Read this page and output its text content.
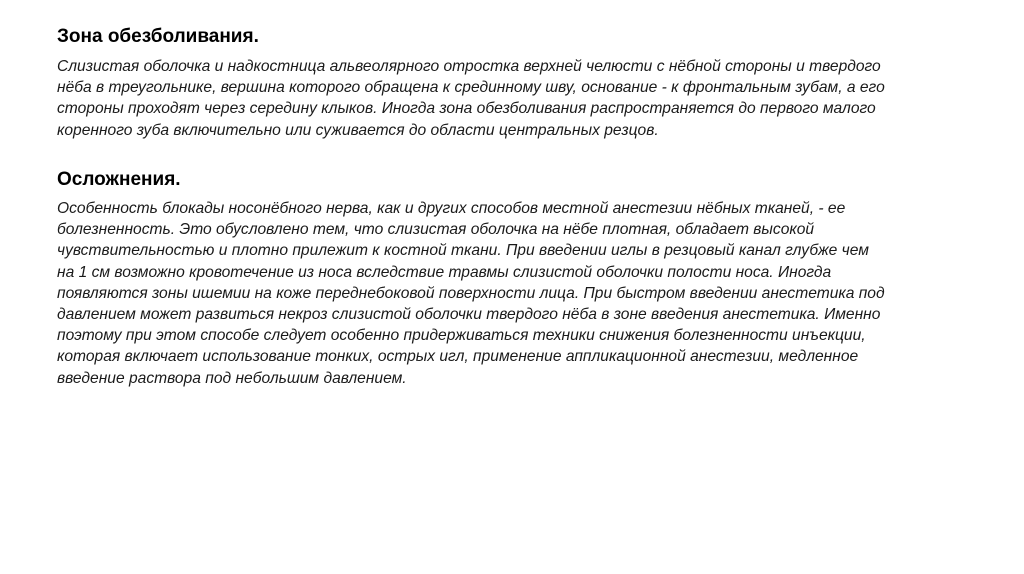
Зона обезболивания.

Слизистая оболочка и надкостница альвеолярного отростка верхней челюсти с нёбной стороны и твердого
нёба в треугольнике, вершина которого обращена к срединному шву, основание - к фронтальным зубам, а его
стороны проходят через середину клыков. Иногда зона обезболивания распространяется до первого малого
коренного зуба включительно или суживается до области центральных резцов.

Осложнения.

Особенность блокады носонёбного нерва, как и других способов местной анестезии нёбных тканей, - ее
болезненность. Это обусловлено тем, что слизистая оболочка на нёбе плотная, обладает высокой
чувствительностью и плотно прилежит к костной ткани. При введении иглы в резцовый канал глубже чем
на 1 см возможно кровотечение из носа вследствие травмы слизистой оболочки полости носа. Иногда
появляются зоны ишемии на коже переднебоковой поверхности лица. При быстром введении анестетика под
давлением может развиться некроз слизистой оболочки твердого нёба в зоне введения анестетика. Именно
поэтому при этом способе следует особенно придерживаться техники снижения болезненности инъекции,
которая включает использование тонких, острых игл, применение аппликационной анестезии, медленное
введение раствора под небольшим давлением.
